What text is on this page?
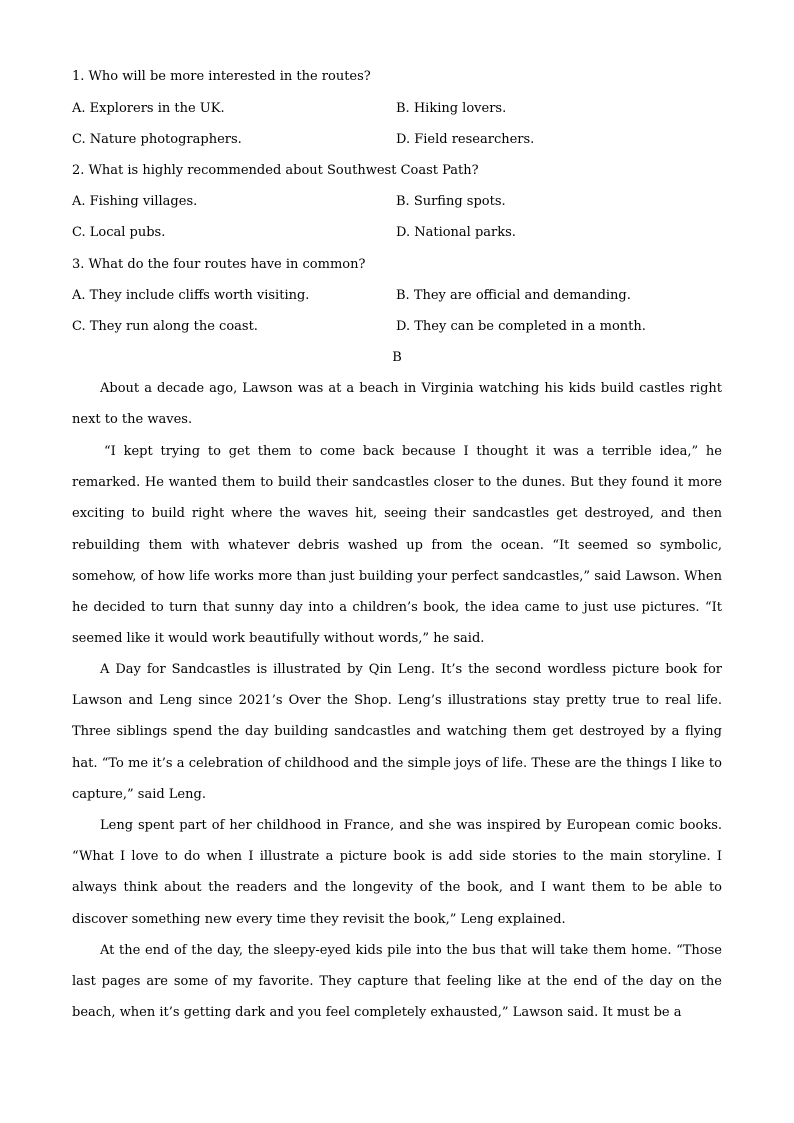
1. Who will be more interested in the routes?
A. Explorers in the UK.	B. Hiking lovers.
C. Nature photographers.	D. Field researchers.
2. What is highly recommended about Southwest Coast Path?
A. Fishing villages.	B. Surfing spots.
C. Local pubs.	D. National parks.
3. What do the four routes have in common?
A. They include cliffs worth visiting.	B. They are official and demanding.
C. They run along the coast.	D. They can be completed in a month.
B
About a decade ago, Lawson was at a beach in Virginia watching his kids build castles right next to the waves.
“I kept trying to get them to come back because I thought it was a terrible idea,” he remarked. He wanted them to build their sandcastles closer to the dunes. But they found it more exciting to build right where the waves hit, seeing their sandcastles get destroyed, and then rebuilding them with whatever debris washed up from the ocean. “It seemed so symbolic, somehow, of how life works more than just building your perfect sandcastles,” said Lawson. When he decided to turn that sunny day into a children’s book, the idea came to just use pictures. “It seemed like it would work beautifully without words,” he said.
A Day for Sandcastles is illustrated by Qin Leng. It’s the second wordless picture book for Lawson and Leng since 2021’s Over the Shop. Leng’s illustrations stay pretty true to real life. Three siblings spend the day building sandcastles and watching them get destroyed by a flying hat. “To me it’s a celebration of childhood and the simple joys of life. These are the things I like to capture,” said Leng.
Leng spent part of her childhood in France, and she was inspired by European comic books. “What I love to do when I illustrate a picture book is add side stories to the main storyline. I always think about the readers and the longevity of the book, and I want them to be able to discover something new every time they revisit the book,” Leng explained.
At the end of the day, the sleepy-eyed kids pile into the bus that will take them home. “Those last pages are some of my favorite. They capture that feeling like at the end of the day on the beach, when it’s getting dark and you feel completely exhausted,” Lawson said. It must be a
